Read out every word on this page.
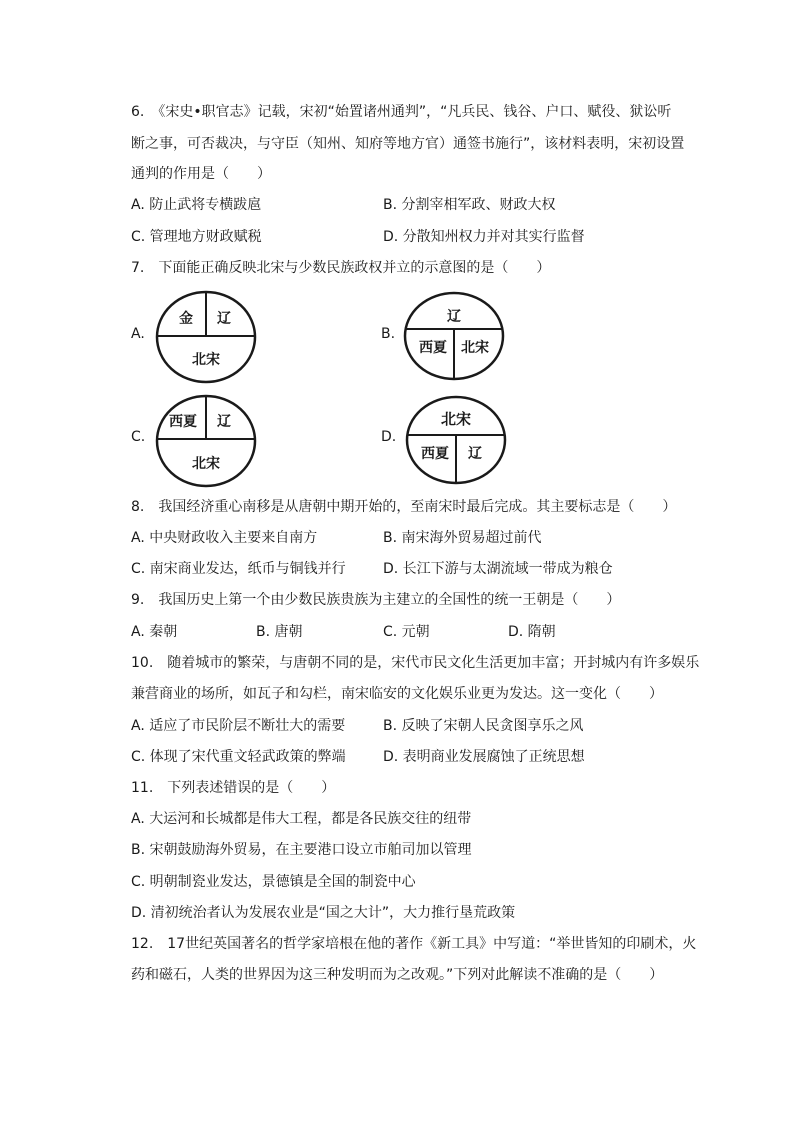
6.　《宋史•职官志》记载，宋初“始置诸州通判”，“凡兵民、钱谷、户口、赋役、狱讼听
断之事，可否裁决，与守臣（知州、知府等地方官）通签书施行”，该材料表明，宋初设置
通判的作用是（　　）
A. 防止武将专横跋扈	B. 分割宰相军政、财政大权
C. 管理地方财政赋税	D. 分散知州权力并对其实行监督
7.　下面能正确反映北宋与少数民族政权并立的示意图的是（　　）
A.
金 辽
北宋
B.
辽
西夏 北宋
C.
西夏 辽
北宋
D.
北宋
西夏 辽
8.　我国经济重心南移是从唐朝中期开始的，至南宋时最后完成。其主要标志是（　　）
A. 中央财政收入主要来自南方	B. 南宋海外贸易超过前代
C. 南宋商业发达，纸币与铜钱并行	D. 长江下游与太湖流域一带成为粮仓
9.　我国历史上第一个由少数民族贵族为主建立的全国性的统一王朝是（　　）
A. 秦朝	B. 唐朝	C. 元朝	D. 隋朝
10.　随着城市的繁荣，与唐朝不同的是，宋代市民文化生活更加丰富；开封城内有许多娱乐
兼营商业的场所，如瓦子和勾栏，南宋临安的文化娱乐业更为发达。这一变化（　　）
A. 适应了市民阶层不断壮大的需要	B. 反映了宋朝人民贪图享乐之风
C. 体现了宋代重文轻武政策的弊端	D. 表明商业发展腐蚀了正统思想
11.　下列表述错误的是（　　）
A. 大运河和长城都是伟大工程，都是各民族交往的纽带
B. 宋朝鼓励海外贸易，在主要港口设立市舶司加以管理
C. 明朝制瓷业发达，景德镇是全国的制瓷中心
D. 清初统治者认为发展农业是“国之大计”，大力推行垦荒政策
12.　17世纪英国著名的哲学家培根在他的著作《新工具》中写道：“举世皆知的印刷术，火
药和磁石，人类的世界因为这三种发明而为之改观。”下列对此解读不准确的是（　　）
